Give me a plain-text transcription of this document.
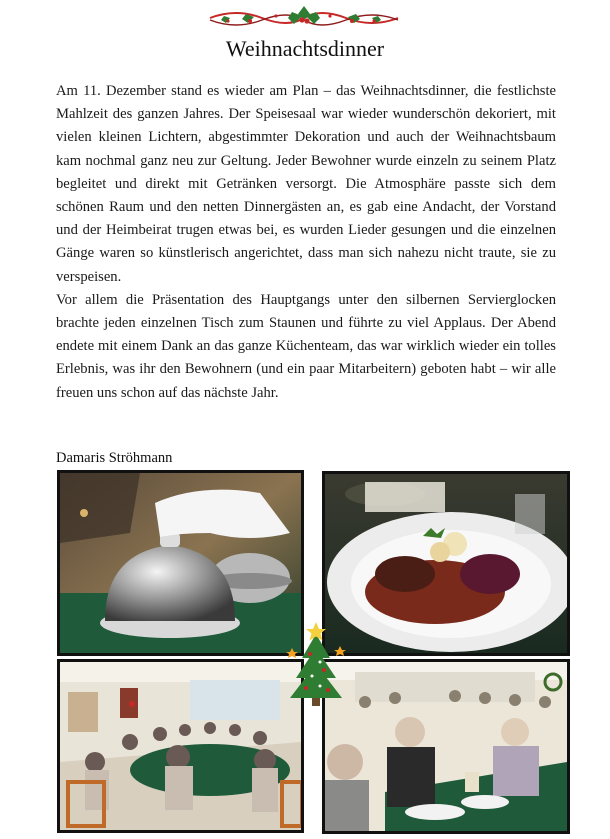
Weihnachtsdinner

Am 11. Dezember stand es wieder am Plan – das Weihnachtsdinner, die festlichste Mahlzeit des ganzen Jahres. Der Speisesaal war wieder wunderschön dekoriert, mit vielen kleinen Lichtern, abgestimmter Dekoration und auch der Weihnachtsbaum kam nochmal ganz neu zur Geltung. Jeder Bewohner wurde einzeln zu seinem Platz begleitet und direkt mit Getränken versorgt. Die Atmosphäre passte sich dem schönen Raum und den netten Dinnergästen an, es gab eine Andacht, der Vorstand und der Heimbeirat trugen etwas bei, es wurden Lieder gesungen und die einzelnen Gänge waren so künstlerisch angerichtet, dass man sich nahezu nicht traute, sie zu verspeisen.

Vor allem die Präsentation des Hauptgangs unter den silbernen Servierglocken brachte jeden einzelnen Tisch zum Staunen und führte zu viel Applaus. Der Abend endete mit einem Dank an das ganze Küchenteam, das war wirklich wieder ein tolles Erlebnis, was ihr den Bewohnern (und ein paar Mitarbeitern) geboten habt – wir alle freuen uns schon auf das nächste Jahr.

Damaris Ströhmann
